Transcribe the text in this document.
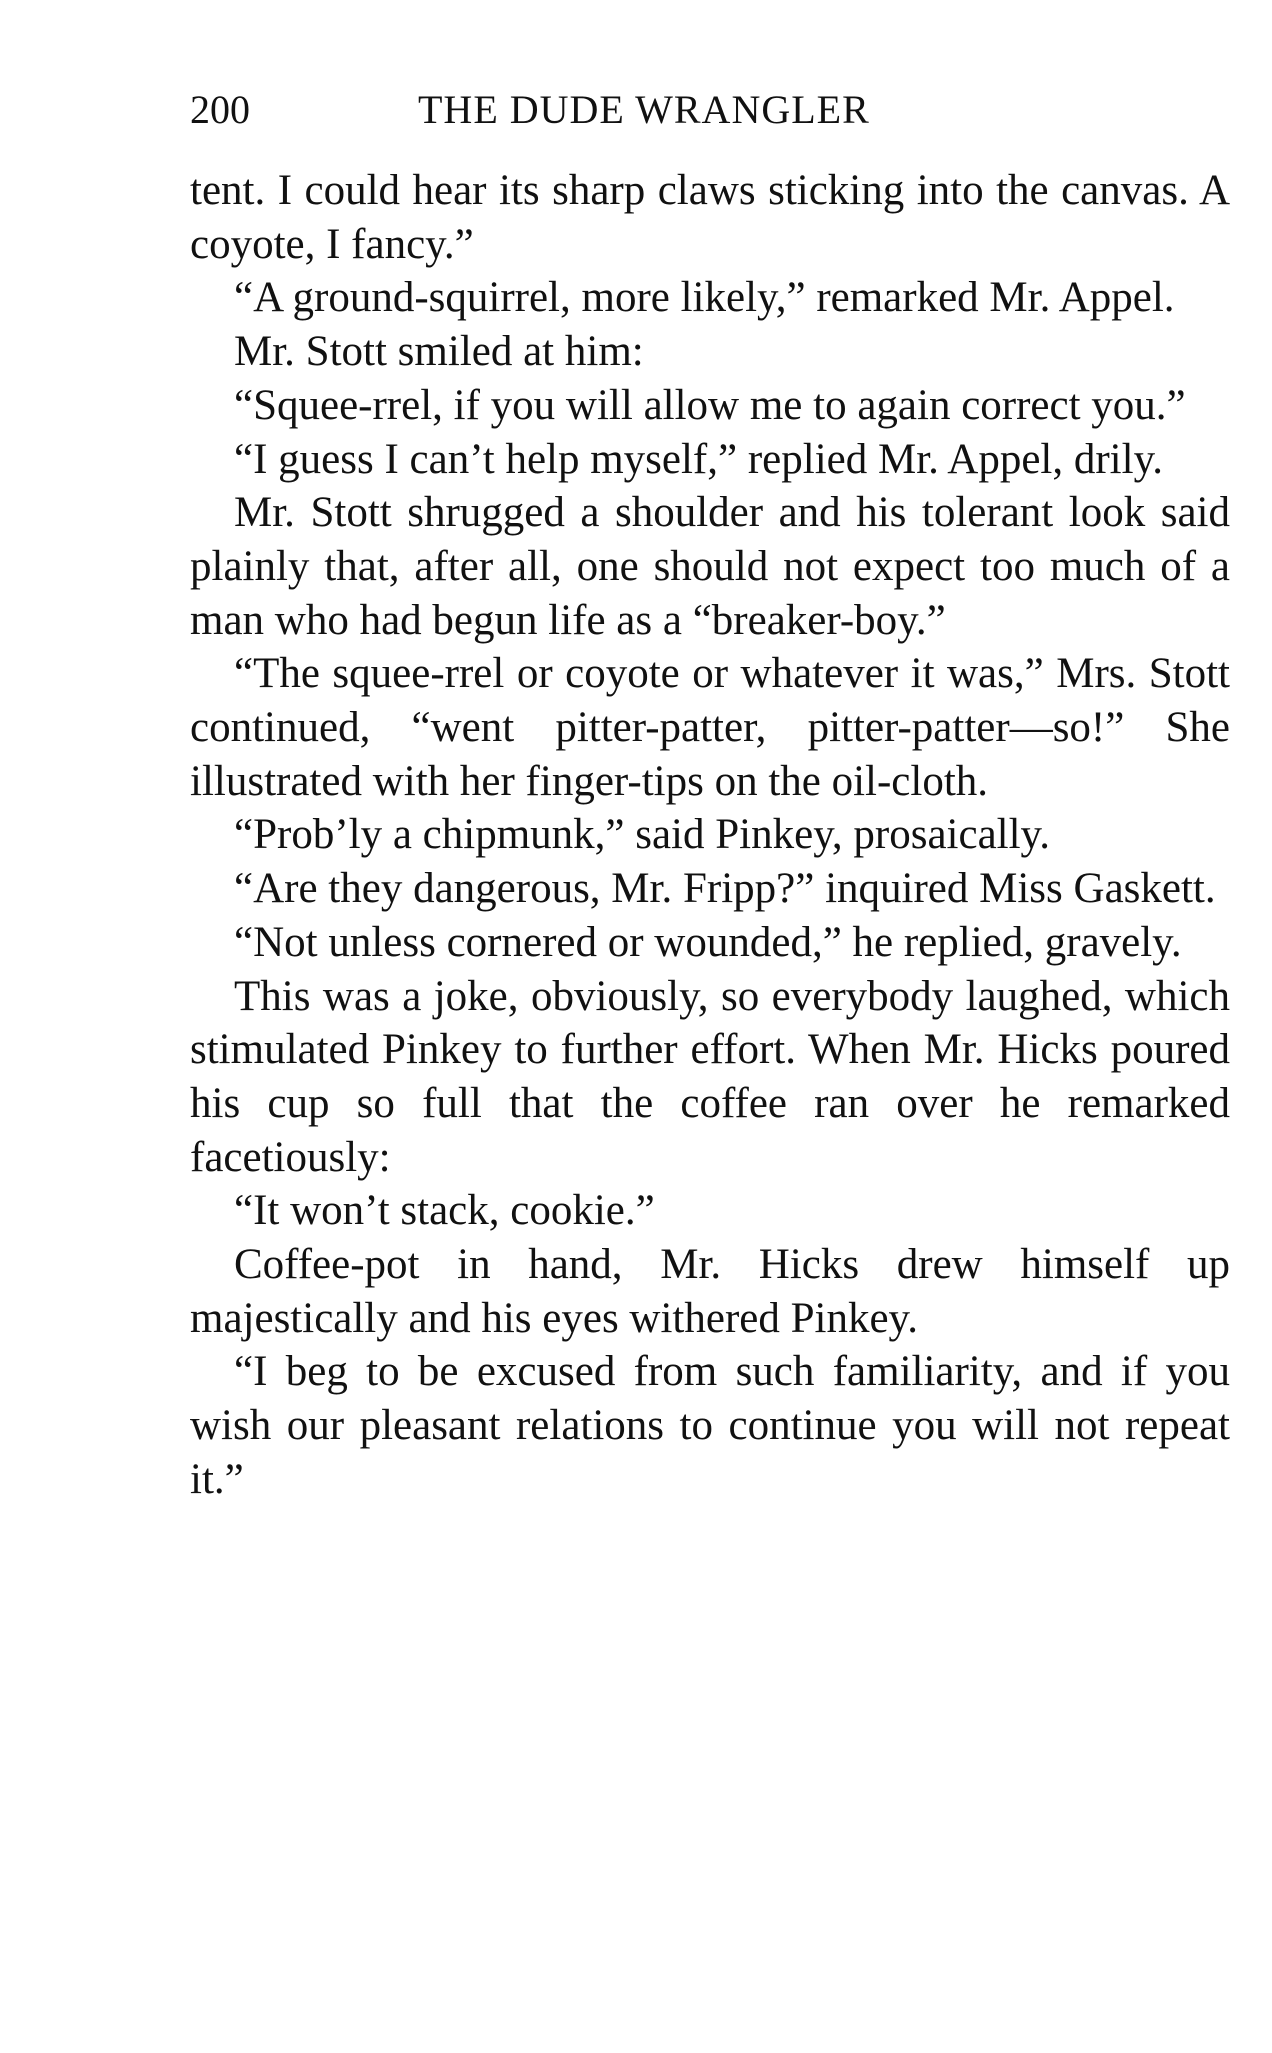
200	THE DUDE WRANGLER

tent. I could hear its sharp claws sticking into the canvas. A coyote, I fancy.”

“A ground-squirrel, more likely,” remarked Mr. Appel.

Mr. Stott smiled at him:

“Squee-rrel, if you will allow me to again correct you.”

“I guess I can’t help myself,” replied Mr. Appel, drily.

Mr. Stott shrugged a shoulder and his tolerant look said plainly that, after all, one should not expect too much of a man who had begun life as a “breaker-boy.”

“The squee-rrel or coyote or whatever it was,” Mrs. Stott continued, “went pitter-patter, pitter-patter—so!” She illustrated with her finger-tips on the oil-cloth.

“Prob’ly a chipmunk,” said Pinkey, prosaically.

“Are they dangerous, Mr. Fripp?” inquired Miss Gaskett.

“Not unless cornered or wounded,” he replied, gravely.

This was a joke, obviously, so everybody laughed, which stimulated Pinkey to further effort. When Mr. Hicks poured his cup so full that the coffee ran over he remarked facetiously:

“It won’t stack, cookie.”

Coffee-pot in hand, Mr. Hicks drew himself up majestically and his eyes withered Pinkey.

“I beg to be excused from such familiarity, and if you wish our pleasant relations to continue you will not repeat it.”
